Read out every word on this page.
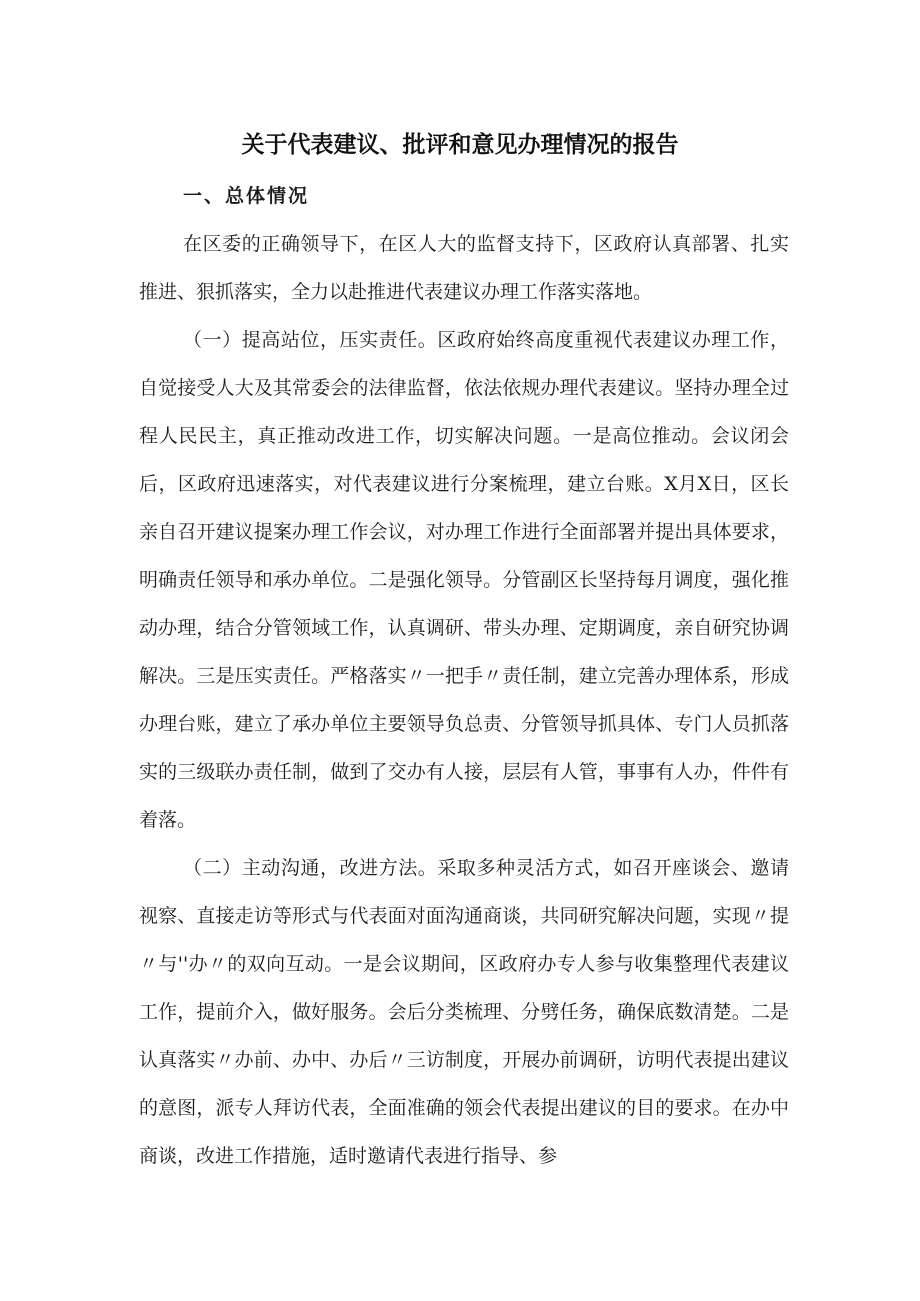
关于代表建议、批评和意见办理情况的报告
一、总体情况

在区委的正确领导下，在区人大的监督支持下，区政府认真部署、扎实推进、狠抓落实，全力以赴推进代表建议办理工作落实落地。

（一）提高站位，压实责任。区政府始终高度重视代表建议办理工作，自觉接受人大及其常委会的法律监督，依法依规办理代表建议。坚持办理全过程人民民主，真正推动改进工作，切实解决问题。一是高位推动。会议闭会后，区政府迅速落实，对代表建议进行分案梳理，建立台账。X月X日，区长亲自召开建议提案办理工作会议，对办理工作进行全面部署并提出具体要求，明确责任领导和承办单位。二是强化领导。分管副区长坚持每月调度，强化推动办理，结合分管领域工作，认真调研、带头办理、定期调度，亲自研究协调解决。三是压实责任。严格落实〃一把手〃责任制，建立完善办理体系，形成办理台账，建立了承办单位主要领导负总责、分管领导抓具体、专门人员抓落实的三级联办责任制，做到了交办有人接，层层有人管，事事有人办，件件有着落。

（二）主动沟通，改进方法。采取多种灵活方式，如召开座谈会、邀请视察、直接走访等形式与代表面对面沟通商谈，共同研究解决问题，实现〃提〃与''办〃的双向互动。一是会议期间，区政府办专人参与收集整理代表建议工作，提前介入，做好服务。会后分类梳理、分劈任务，确保底数清楚。二是认真落实〃办前、办中、办后〃三访制度，开展办前调研，访明代表提出建议的意图，派专人拜访代表，全面准确的领会代表提出建议的目的要求。在办中商谈，改进工作措施，适时邀请代表进行指导、参
